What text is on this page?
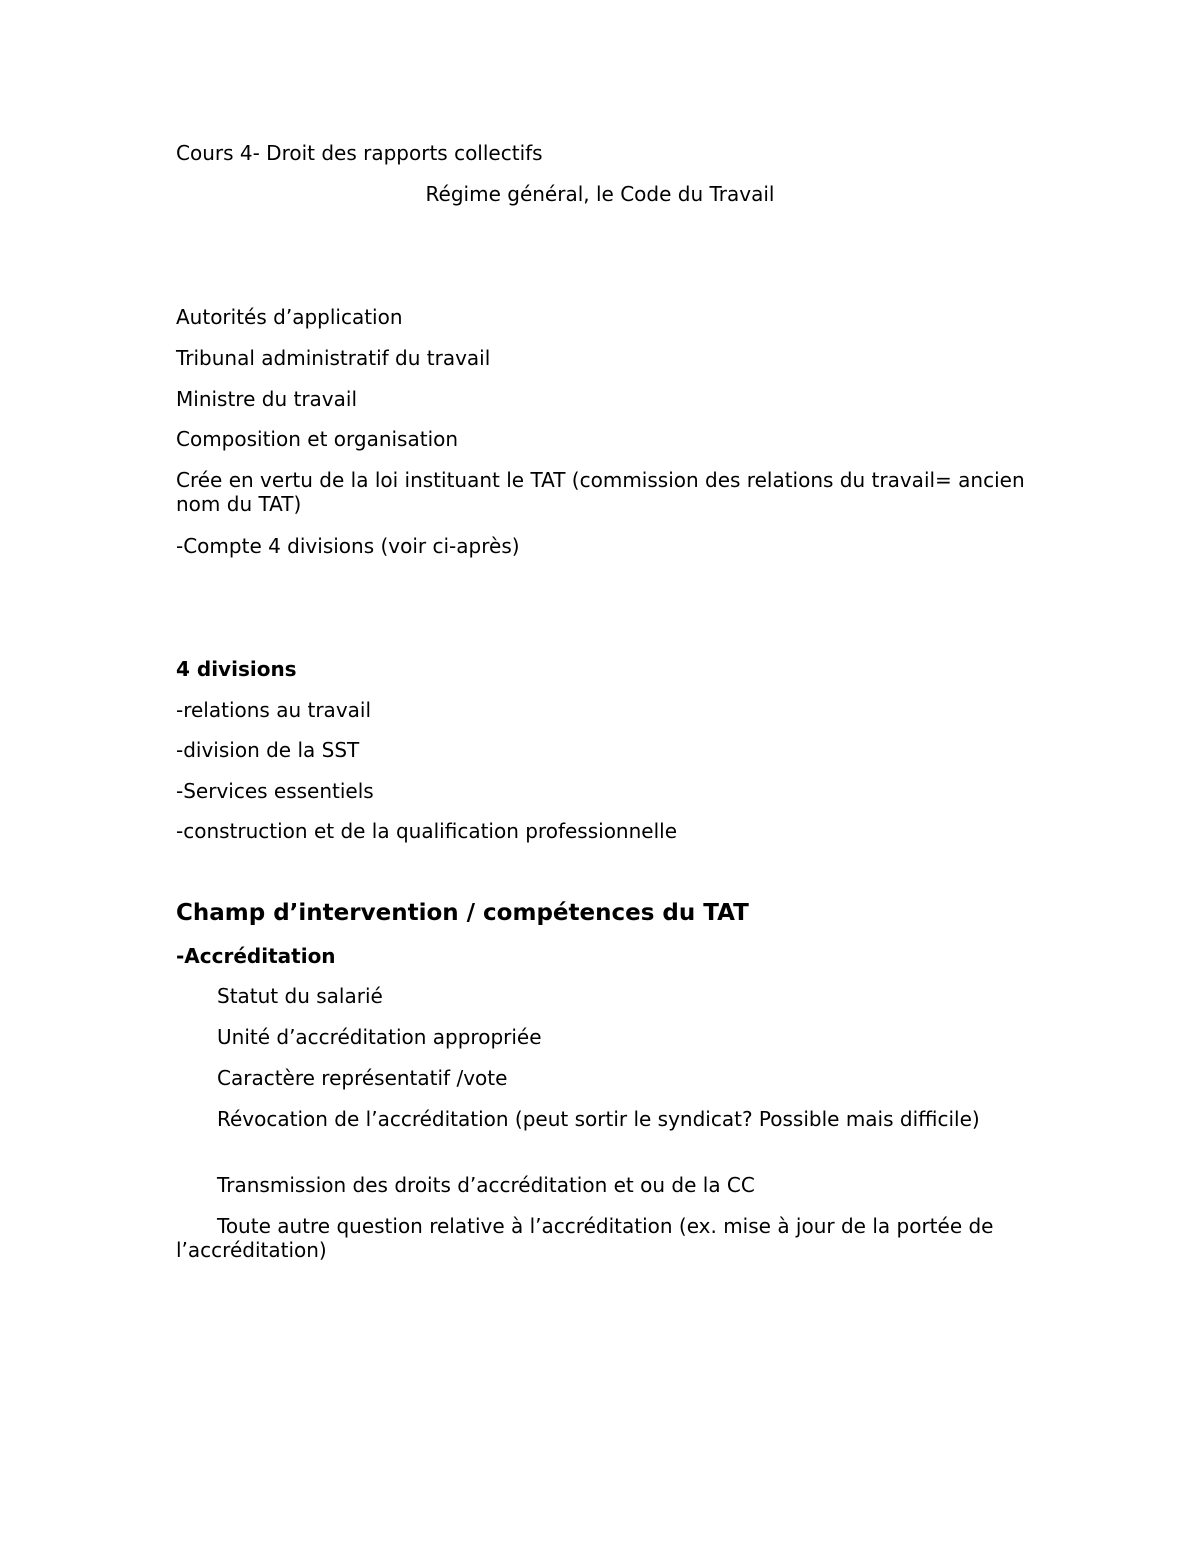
Cours 4- Droit des rapports collectifs

Régime général, le Code du Travail

Autorités d’application

Tribunal administratif du travail

Ministre du travail

Composition et organisation

Crée en vertu de la loi instituant le TAT (commission des relations du travail= ancien nom du TAT)

-Compte 4 divisions (voir ci-après)

4 divisions

-relations au travail

-division de la SST

-Services essentiels

-construction et de la qualification professionnelle

Champ d’intervention / compétences du TAT

-Accréditation

Statut du salarié

Unité d’accréditation appropriée

Caractère représentatif /vote

Révocation de l’accréditation (peut sortir le syndicat? Possible mais difficile)

Transmission des droits d’accréditation et ou de la CC

Toute autre question relative à l’accréditation (ex. mise à jour de la portée de l’accréditation)
